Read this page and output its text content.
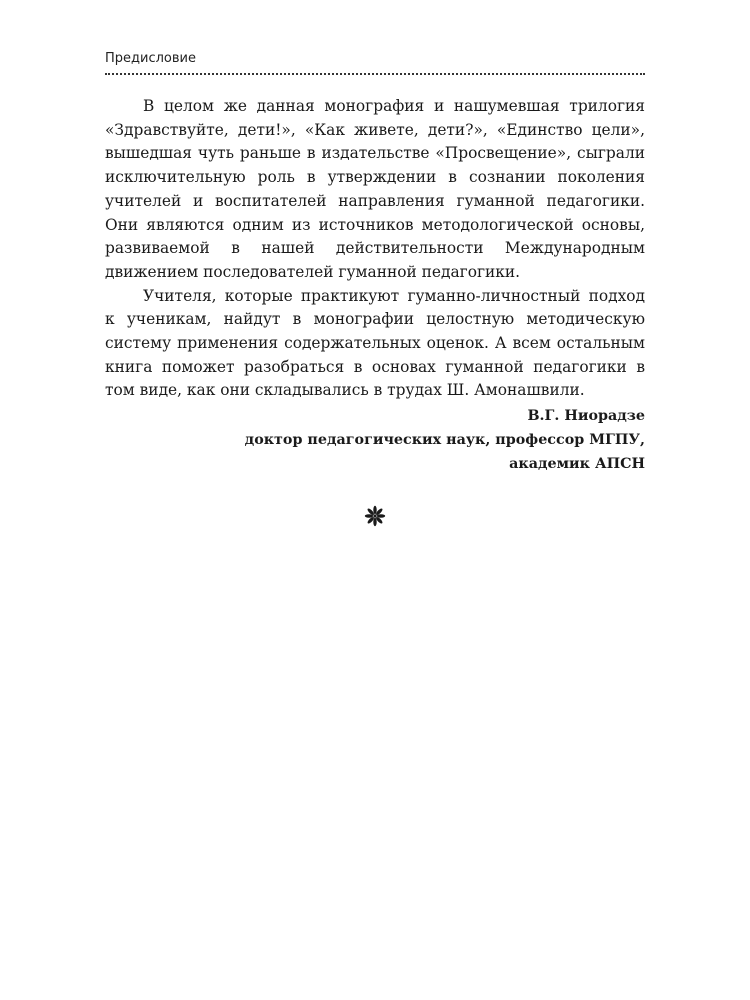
Предисловие

В целом же данная монография и нашумевшая трилогия «Здравствуйте, дети!», «Как живете, дети?», «Единство цели», вышедшая чуть раньше в издательстве «Просвещение», сыграли исключительную роль в утверждении в сознании поколения учителей и воспитателей направления гуманной педагогики. Они являются одним из источников методологической основы, развиваемой в нашей действительности Международным движением последователей гуманной педагогики.

Учителя, которые практикуют гуманно-личностный подход к ученикам, найдут в монографии целостную методическую систему применения содержательных оценок. А всем остальным книга поможет разобраться в основах гуманной педагогики в том виде, как они складывались в трудах Ш. Амонашвили.

В.Г. Ниорадзе
доктор педагогических наук, профессор МГПУ,
академик АПСН
